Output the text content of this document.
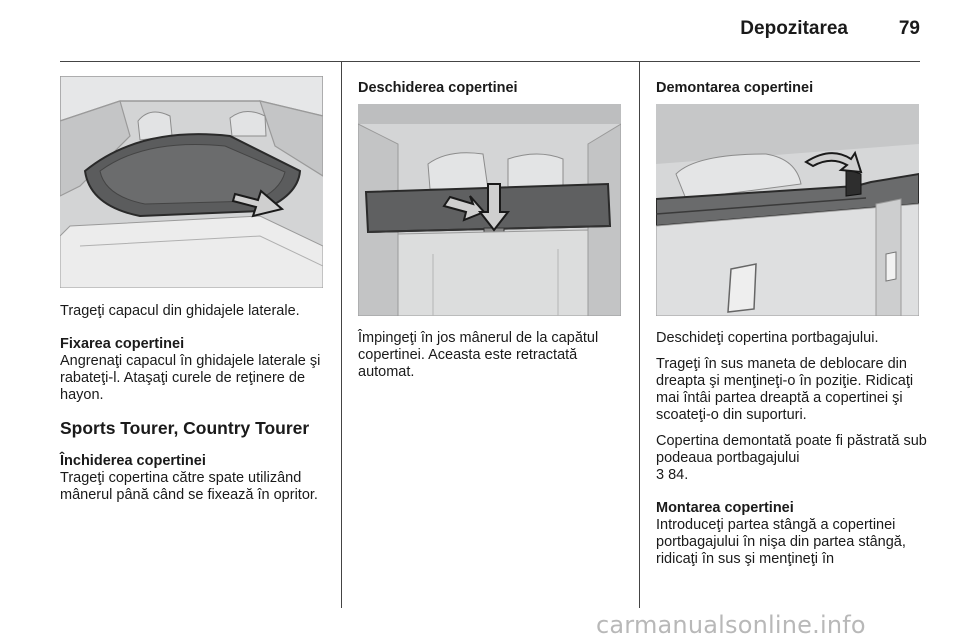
Depozitarea	79

Trageţi capacul din ghidajele laterale.

Fixarea copertinei

Angrenaţi capacul în ghidajele laterale şi rabateţi-l. Ataşaţi curele de reţinere de hayon.

Sports Tourer, Country Tourer
Închiderea copertinei

Trageţi copertina către spate utilizând mânerul până când se fixează în opritor.

Deschiderea copertinei

Împingeţi în jos mânerul de la capătul copertinei. Aceasta este retractată automat.

Demontarea copertinei

Deschideţi copertina portbagajului.

Trageţi în sus maneta de deblocare din dreapta şi menţineţi-o în poziţie. Ridicaţi mai întâi partea dreaptă a copertinei şi scoateţi-o din suporturi.

Copertina demontată poate fi păstrată sub podeaua portbagajului
3 84.

Montarea copertinei

Introduceţi partea stângă a copertinei portbagajului în nişa din partea stângă, ridicaţi în sus şi menţineţi în

carmanualsonline.info
